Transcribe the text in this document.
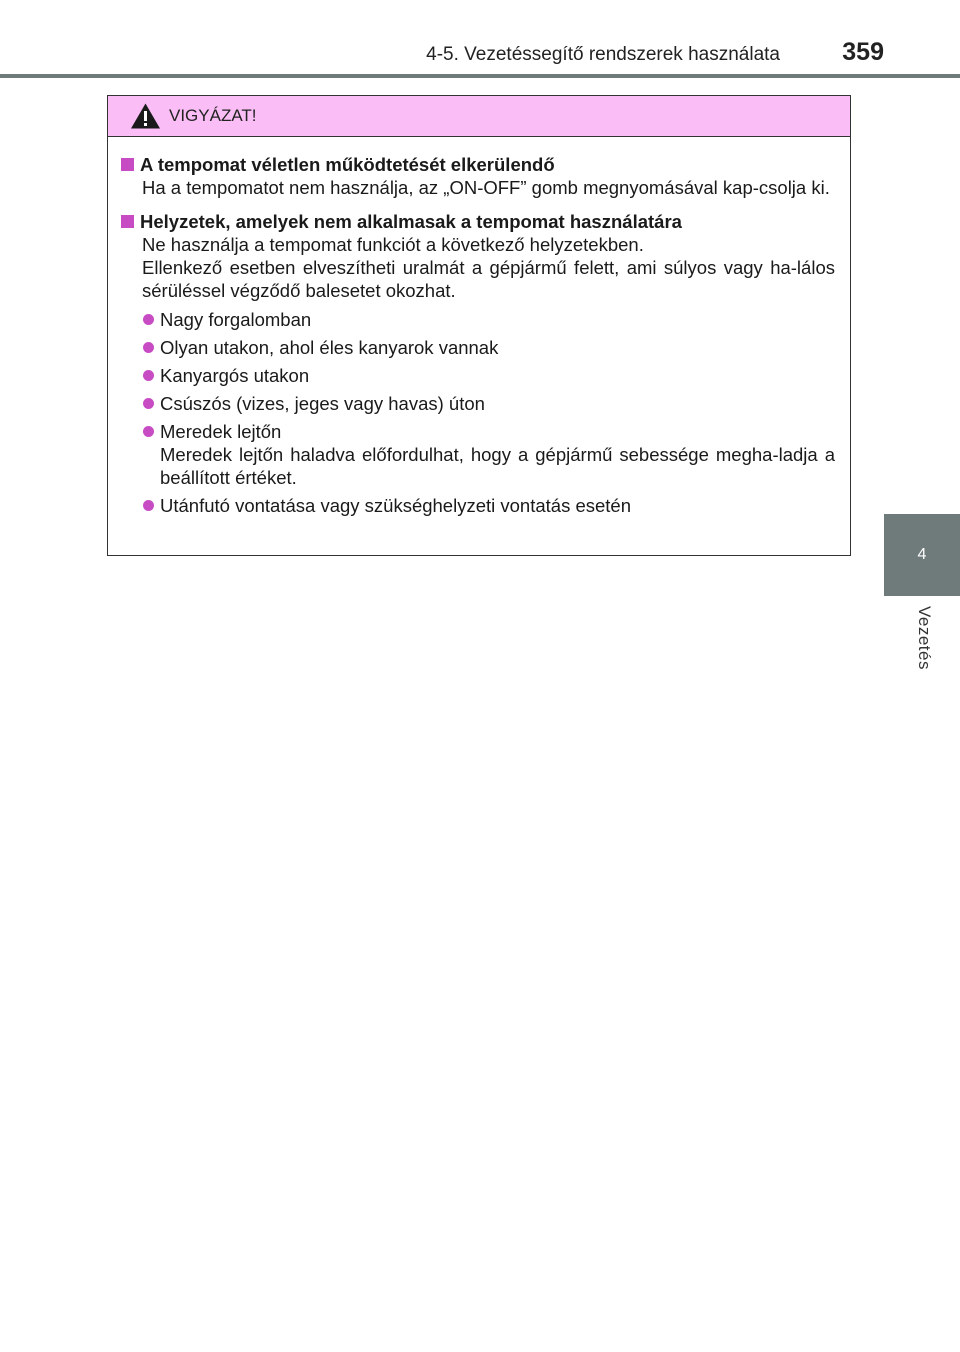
4-5. Vezetéssegítő rendszerek használata 359
4
Vezetés
VIGYÁZAT!
A tempomat véletlen működtetését elkerülendő
Ha a tempomatot nem használja, az „ON-OFF” gomb megnyomásával kap-csolja ki.
Helyzetek, amelyek nem alkalmasak a tempomat használatára
Ne használja a tempomat funkciót a következő helyzetekben.
Ellenkező esetben elveszítheti uralmát a gépjármű felett, ami súlyos vagy ha-lálos sérüléssel végződő balesetet okozhat.
Nagy forgalomban
Olyan utakon, ahol éles kanyarok vannak
Kanyargós utakon
Csúszós (vizes, jeges vagy havas) úton
Meredek lejtőn
Meredek lejtőn haladva előfordulhat, hogy a gépjármű sebessége megha-ladja a beállított értéket.
Utánfutó vontatása vagy szükséghelyzeti vontatás esetén
